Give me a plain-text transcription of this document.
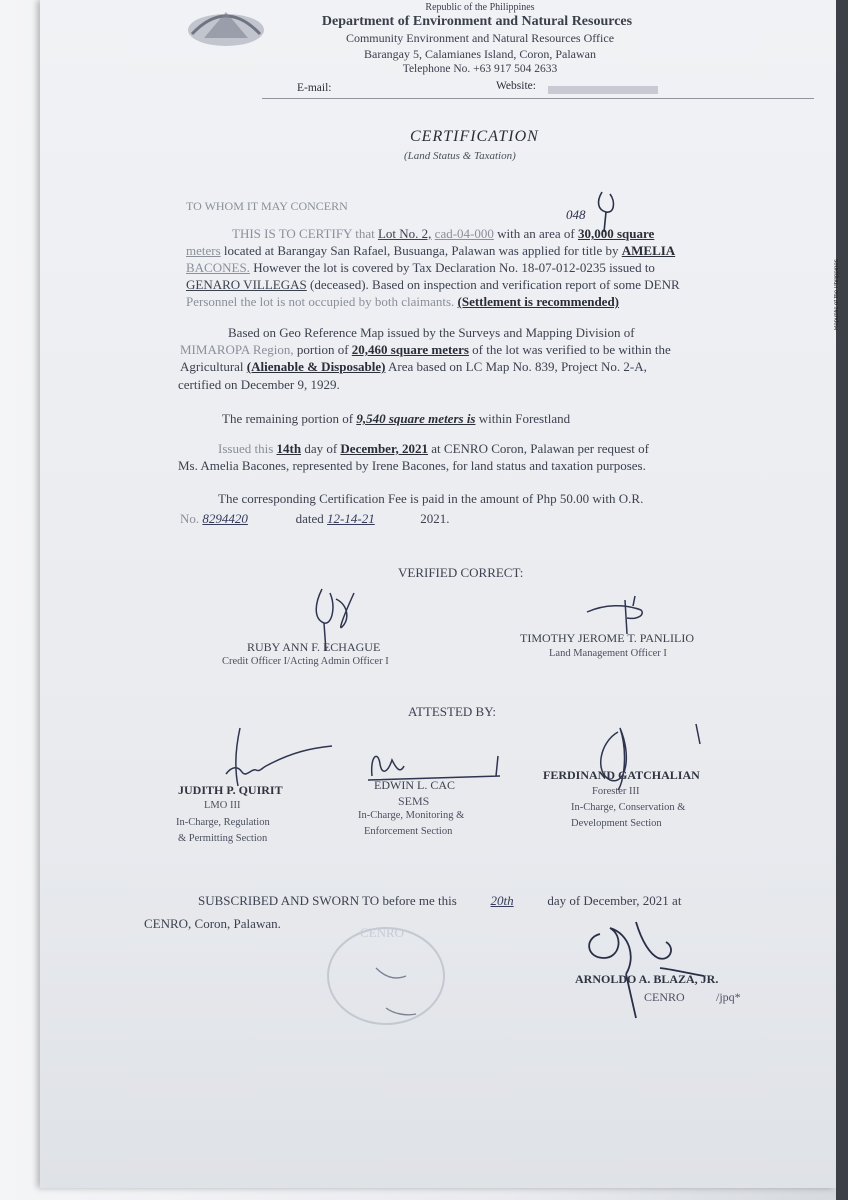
Republic of the Philippines
Republic of the Philippines
Department of Environment and Natural Resources
Community Environment and Natural Resources Office
Barangay 5, Calamianes Island, Coron, Palawan
Telephone No. +63 917 504 2633
E-mail:	Website:
CERTIFICATION
(Land Status & Taxation)
TO WHOM IT MAY CONCERN
048
THIS IS TO CERTIFY that Lot No. 2, cad-04-000 with an area of 30,000 square
meters located at Barangay San Rafael, Busuanga, Palawan was applied for title by AMELIA
BACONES. However the lot is covered by Tax Declaration No. 18-07-012-0235 issued to
GENARO VILLEGAS (deceased). Based on inspection and verification report of some DENR
Personnel the lot is not occupied by both claimants. (Settlement is recommended)
Based on Geo Reference Map issued by the Surveys and Mapping Division of
MIMAROPA Region, portion of 20,460 square meters of the lot was verified to be within the
Agricultural (Alienable & Disposable) Area based on LC Map No. 839, Project No. 2-A,
certified on December 9, 1929.
The remaining portion of 9,540 square meters is within Forestland
Issued this 14th day of December, 2021 at CENRO Coron, Palawan per request of
Ms. Amelia Bacones, represented by Irene Bacones, for land status and taxation purposes.
The corresponding Certification Fee is paid in the amount of Php 50.00 with O.R.
No. 8294420	dated 12-14-21	2021.
VERIFIED CORRECT:
RUBY ANN F. ECHAGUE
Credit Officer I/Acting Admin Officer I
TIMOTHY JEROME T. PANLILIO
Land Management Officer I
ATTESTED BY:
JUDITH P. QUIRIT
LMO III
In-Charge, Regulation
& Permitting Section
EDWIN L. CAC
SEMS
In-Charge, Monitoring &
Enforcement Section
FERDINAND GATCHALIAN
Forester III
In-Charge, Conservation &
Development Section
SUBSCRIBED AND SWORN TO before me this	20th	day of December, 2021 at
CENRO, Coron, Palawan.
CENRO
ARNOLDO A. BLAZA, JR.
CENRO	/jpq*
